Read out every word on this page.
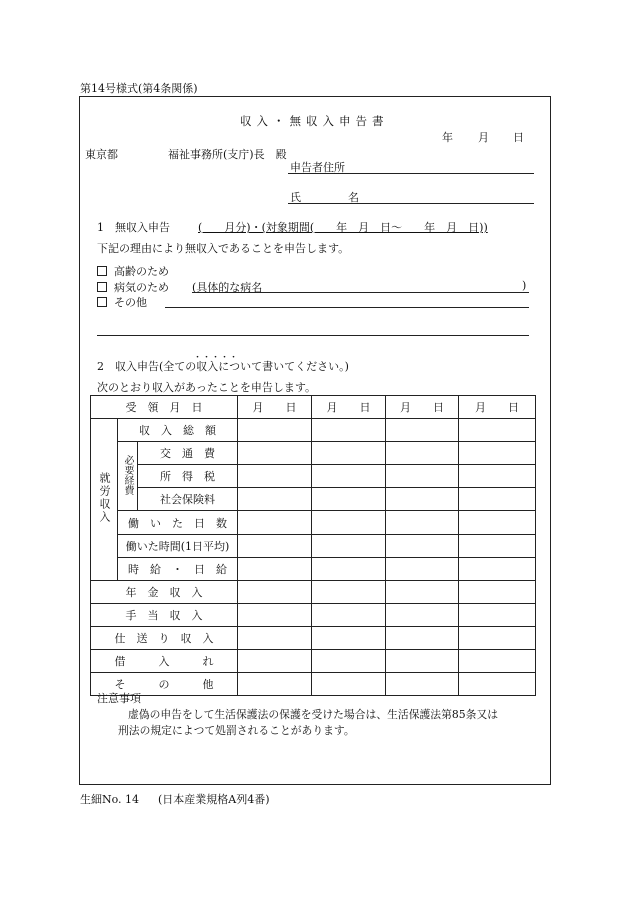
第14号様式(第4条関係)
収入・無収入申告書
年 月 日
東京都	福祉事務所(支庁)長　殿
申告者住所
氏	名
1　無収入申告	(　　月分)・(対象期間(　　年　月　日〜　　年　月　日))
下記の理由により無収入であることを申告します。
高齢のため
病気のため (具体的な病名	)
その他
・・・・・
2　収入申告(全ての収入について書いてください。)
次のとおり収入があったことを申告します。
受　領　月　日			月　　日	月　　日	月　　日	月　　日
就労収入	収　入　総　額					
	必要経費	交　通　費				
		所　得　税				
		社会保険料				
	働　い　た　日　数					
	働いた時間(1日平均)					
	時　給　・　日　給					
年　金　収　入						
手　当　収　入						
仕　送　り　収　入						
借　　　入　　　れ						
そ　　　の　　　他						
注意事項
虚偽の申告をして生活保護法の保護を受けた場合は、生活保護法第85条又は
刑法の規定によつて処罰されることがあります。
生細No. 14 (日本産業規格A列4番)
